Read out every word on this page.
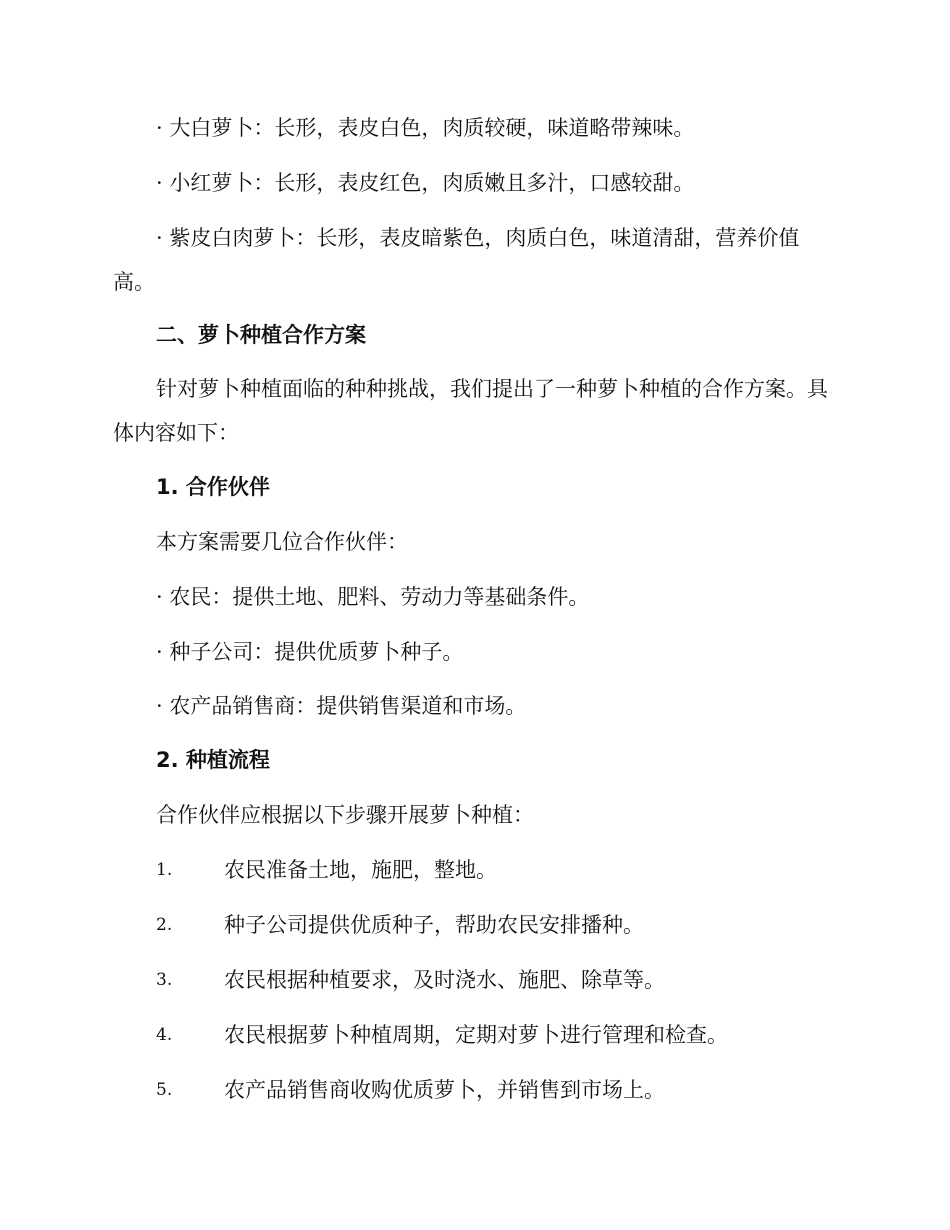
· 大白萝卜：长形，表皮白色，肉质较硬，味道略带辣味。
· 小红萝卜：长形，表皮红色，肉质嫩且多汁，口感较甜。
· 紫皮白肉萝卜：长形，表皮暗紫色，肉质白色，味道清甜，营养价值高。
二、萝卜种植合作方案
针对萝卜种植面临的种种挑战，我们提出了一种萝卜种植的合作方案。具体内容如下：
1. 合作伙伴
本方案需要几位合作伙伴：
· 农民：提供土地、肥料、劳动力等基础条件。
· 种子公司：提供优质萝卜种子。
· 农产品销售商：提供销售渠道和市场。
2. 种植流程
合作伙伴应根据以下步骤开展萝卜种植：
1. 农民准备土地，施肥，整地。
2. 种子公司提供优质种子，帮助农民安排播种。
3. 农民根据种植要求，及时浇水、施肥、除草等。
4. 农民根据萝卜种植周期，定期对萝卜进行管理和检查。
5. 农产品销售商收购优质萝卜，并销售到市场上。
